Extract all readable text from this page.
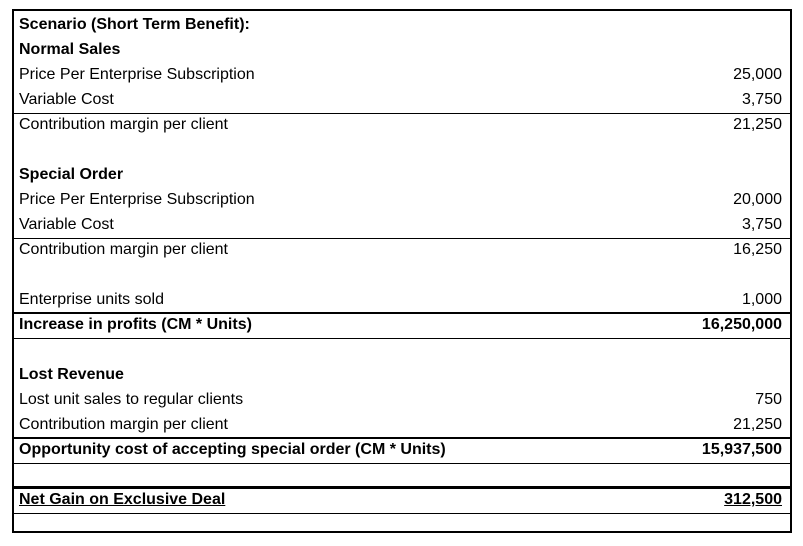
Scenario (Short Term Benefit):
Normal Sales
Price Per Enterprise Subscription	25,000
Variable Cost	3,750
Contribution margin per client	21,250
Special Order
Price Per Enterprise Subscription	20,000
Variable Cost	3,750
Contribution margin per client	16,250
Enterprise units sold	1,000
Increase in profits (CM * Units)	16,250,000
Lost Revenue
Lost unit sales to regular clients	750
Contribution margin per client	21,250
Opportunity cost of accepting special order (CM * Units)	15,937,500
Net Gain on Exclusive Deal	312,500
